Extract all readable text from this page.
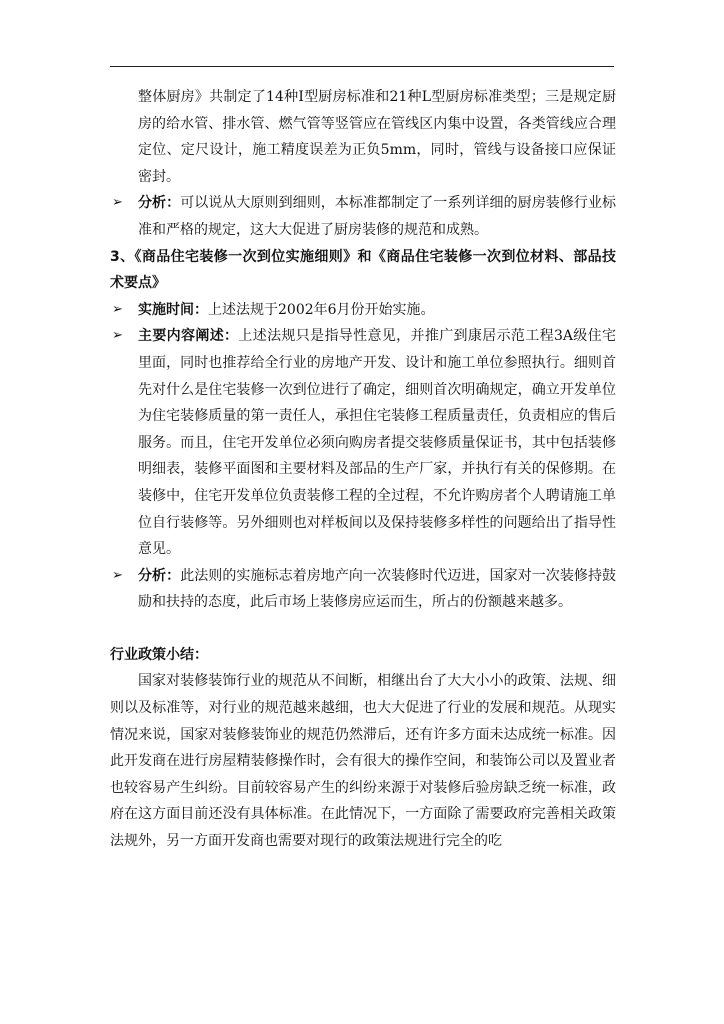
整体厨房》共制定了14种Ⅰ型厨房标准和21种L型厨房标准类型；三是规定厨房的给水管、排水管、燃气管等竖管应在管线区内集中设置，各类管线应合理定位、定尺设计，施工精度误差为正负5mm，同时，管线与设备接口应保证密封。

➢ 分析：可以说从大原则到细则，本标准都制定了一系列详细的厨房装修行业标准和严格的规定，这大大促进了厨房装修的规范和成熟。

3、《商品住宅装修一次到位实施细则》和《商品住宅装修一次到位材料、部品技术要点》

➢ 实施时间：上述法规于2002年6月份开始实施。

➢ 主要内容阐述：上述法规只是指导性意见，并推广到康居示范工程3A级住宅里面，同时也推荐给全行业的房地产开发、设计和施工单位参照执行。细则首先对什么是住宅装修一次到位进行了确定，细则首次明确规定，确立开发单位为住宅装修质量的第一责任人，承担住宅装修工程质量责任，负责相应的售后服务。而且，住宅开发单位必须向购房者提交装修质量保证书，其中包括装修明细表，装修平面图和主要材料及部品的生产厂家，并执行有关的保修期。在装修中，住宅开发单位负责装修工程的全过程，不允许购房者个人聘请施工单位自行装修等。另外细则也对样板间以及保持装修多样性的问题给出了指导性意见。

➢ 分析：此法则的实施标志着房地产向一次装修时代迈进，国家对一次装修持鼓励和扶持的态度，此后市场上装修房应运而生，所占的份额越来越多。

行业政策小结：

国家对装修装饰行业的规范从不间断，相继出台了大大小小的政策、法规、细则以及标准等，对行业的规范越来越细，也大大促进了行业的发展和规范。从现实情况来说，国家对装修装饰业的规范仍然滞后，还有许多方面未达成统一标准。因此开发商在进行房屋精装修操作时，会有很大的操作空间，和装饰公司以及置业者也较容易产生纠纷。目前较容易产生的纠纷来源于对装修后验房缺乏统一标准，政府在这方面目前还没有具体标准。在此情况下，一方面除了需要政府完善相关政策法规外，另一方面开发商也需要对现行的政策法规进行完全的吃
